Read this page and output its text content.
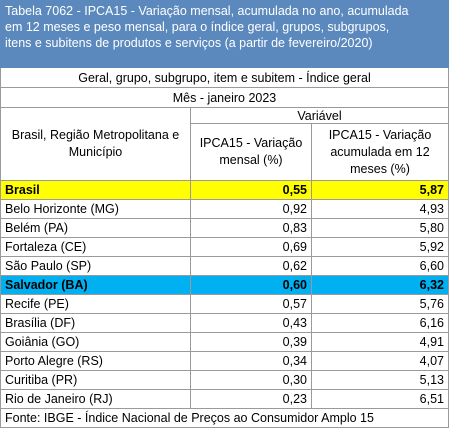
Tabela 7062 - IPCA15 - Variação mensal, acumulada no ano, acumulada
em 12 meses e peso mensal, para o índice geral, grupos, subgrupos,
itens e subitens de produtos e serviços (a partir de fevereiro/2020)		

Geral, grupo, subgrupo, item e subitem - Índice geral		
Mês - janeiro 2023		
Brasil, Região Metropolitana e Município	Variável	
	IPCA15 - Variação mensal (%)	IPCA15 - Variação acumulada em 12 meses (%)
Brasil	0,55	5,87
Belo Horizonte (MG)	0,92	4,93
Belém (PA)	0,83	5,80
Fortaleza (CE)	0,69	5,92
São Paulo (SP)	0,62	6,60
Salvador (BA)	0,60	6,32
Recife (PE)	0,57	5,76
Brasília (DF)	0,43	6,16
Goiânia (GO)	0,39	4,91
Porto Alegre (RS)	0,34	4,07
Curitiba (PR)	0,30	5,13
Rio de Janeiro (RJ)	0,23	6,51
Fonte: IBGE - Índice Nacional de Preços ao Consumidor Amplo 15		
